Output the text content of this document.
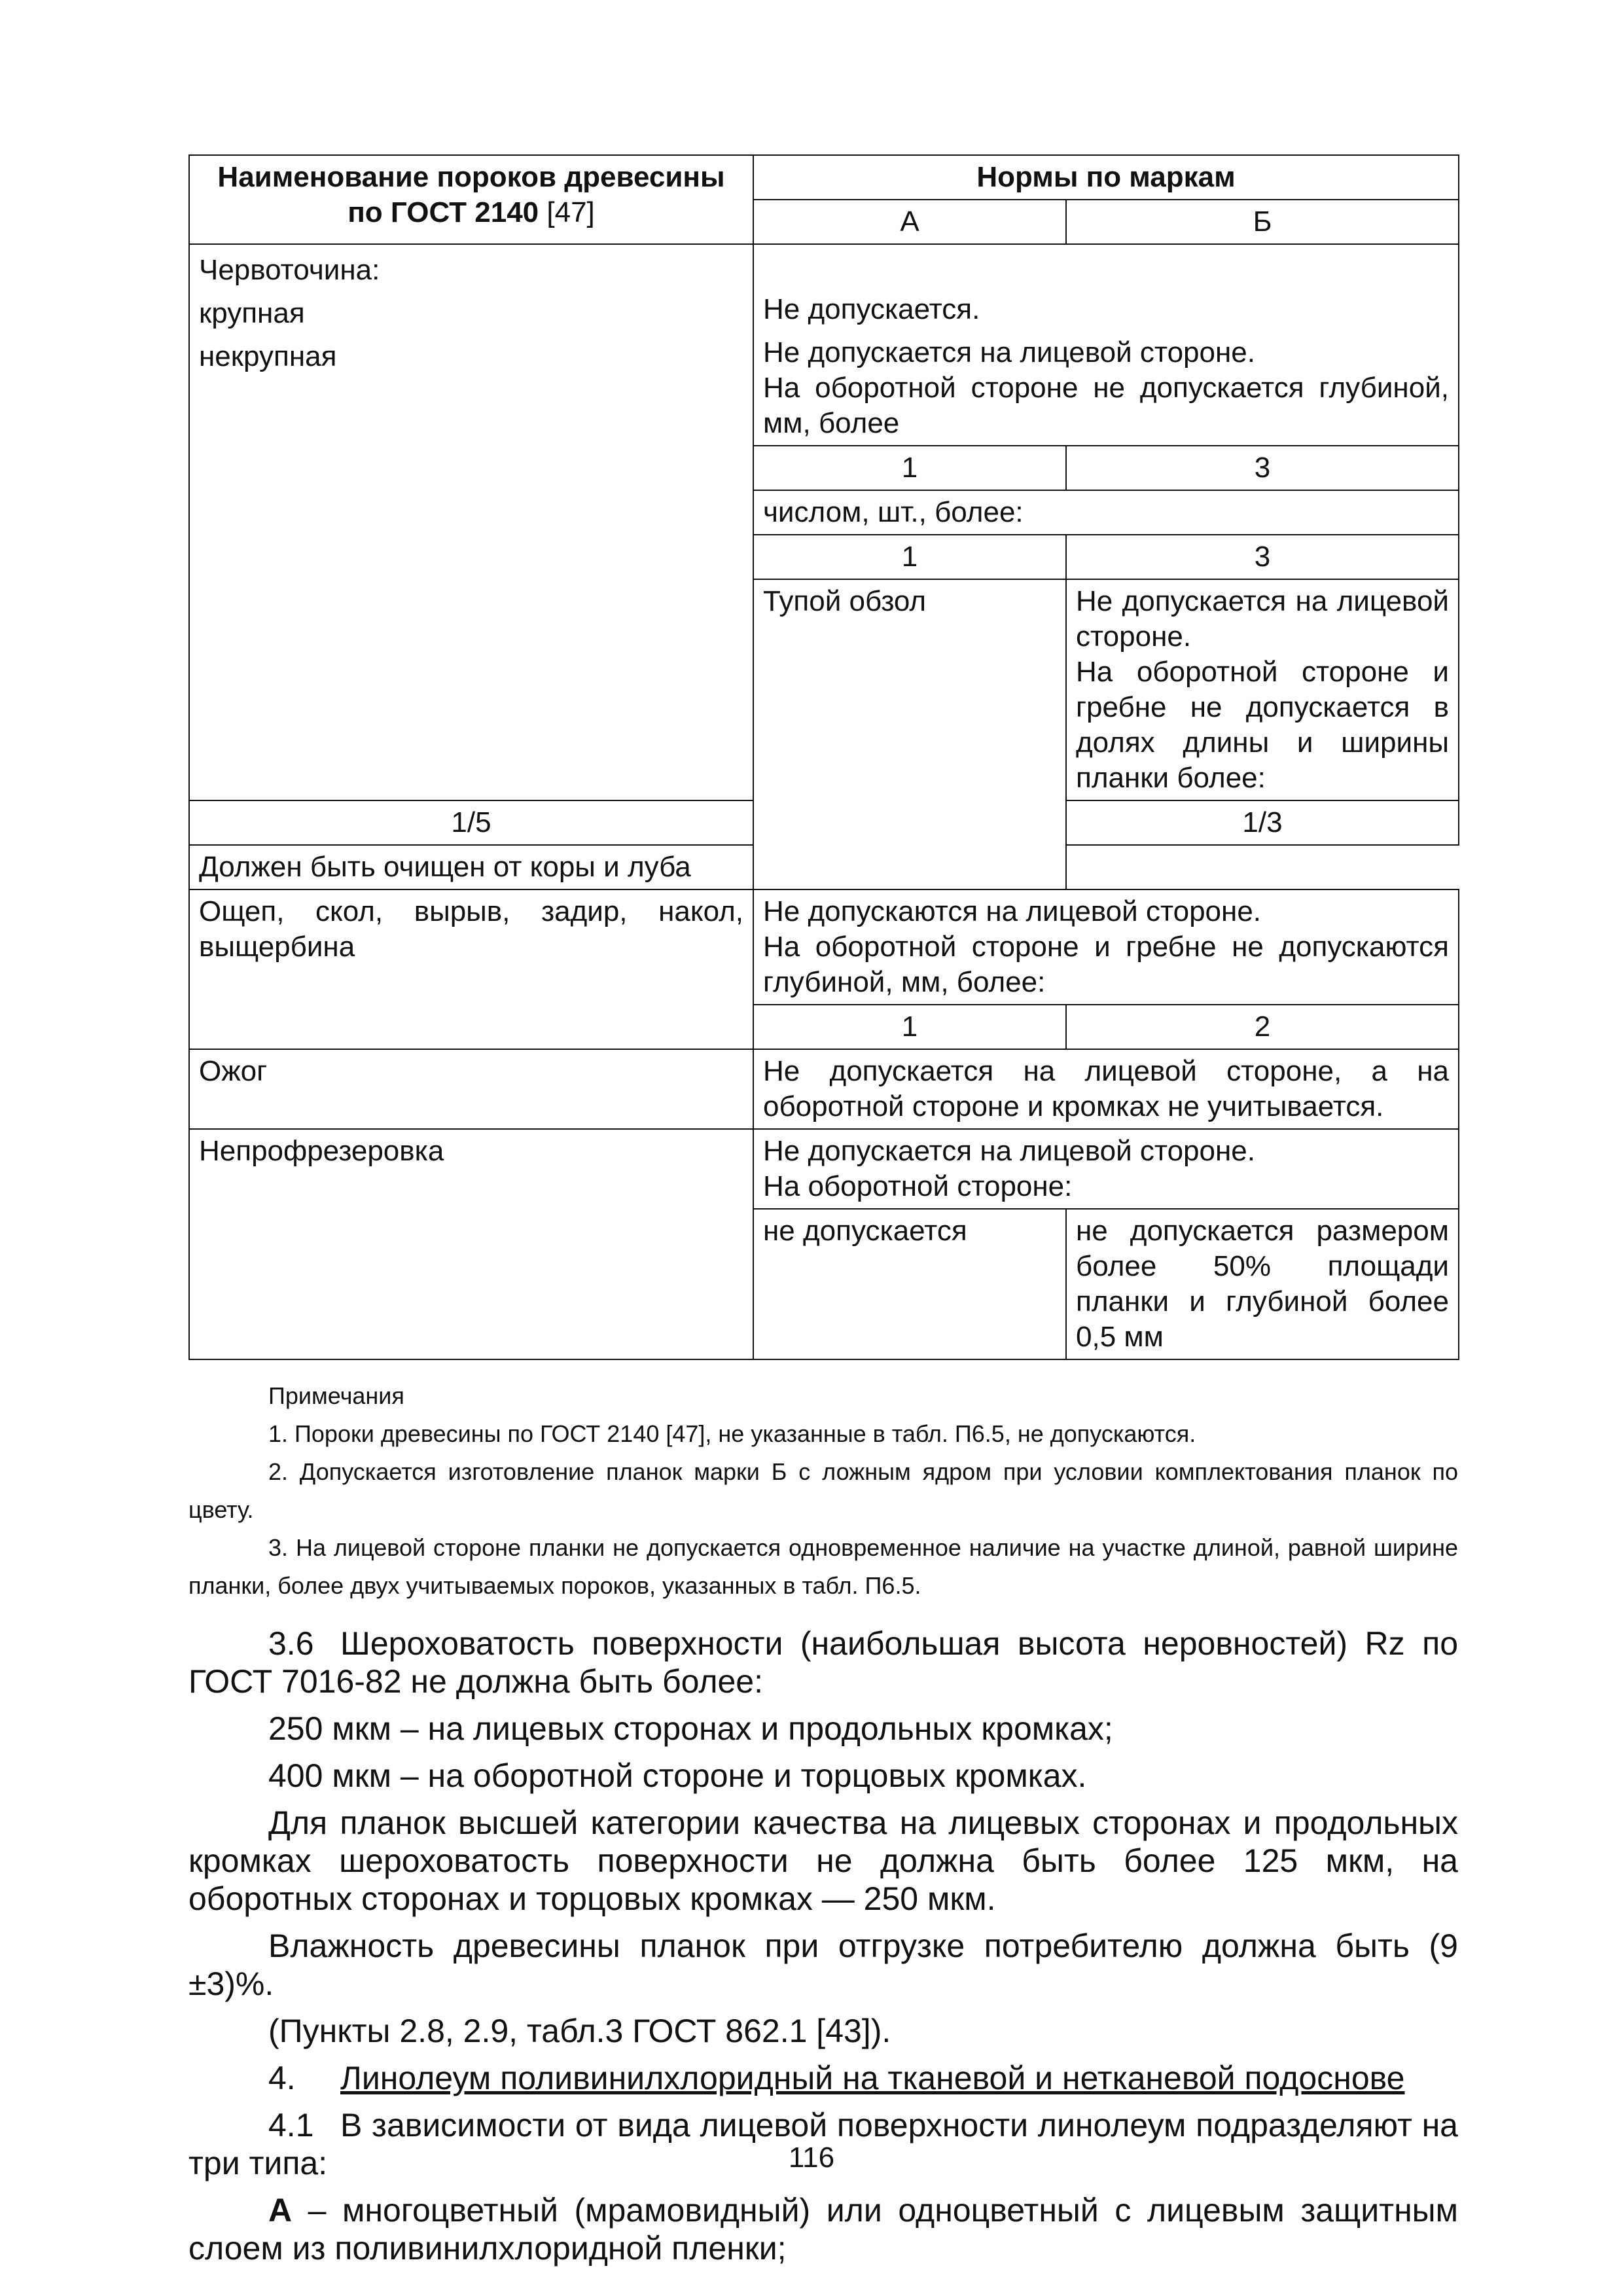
Наименование пороков древесины по ГОСТ 2140 [47]	Нормы по маркам	
	А	Б

Червоточина:
крупная
некрупная	Не допускается.
Не допускается на лицевой стороне.
На оборотной стороне не допускается глубиной, мм, более	

	1	3
	числом, шт., более:	
	1	3
	Тупой обзол	Не допускается на лицевой стороне.
На оборотной стороне и гребне не допускается в долях длины и ширины планки более:

1/5		1/3
Должен быть очищен от коры и луба		
Ощеп, скол, вырыв, задир, накол, выщербина	Не допускаются на лицевой стороне.
На оборотной стороне и гребне не допускаются глубиной, мм, более:	

	1	2
Ожог	Не допускается на лицевой стороне, а на оборотной стороне и кромках не учитывается.	
Непрофрезеровка	Не допускается на лицевой стороне.
На оборотной стороне:	

	не допускается	не допускается размером более 50% площади планки и глубиной более 0,5 мм
Примечания

1. Пороки древесины по ГОСТ 2140 [47], не указанные в табл. П6.5, не допускаются.

2. Допускается изготовление планок марки Б с ложным ядром при условии комплектования планок по цвету.

3. На лицевой стороне планки не допускается одновременное наличие на участке длиной, равной ширине планки, более двух учитываемых пороков, указанных в табл. П6.5.

3.6 Шероховатость поверхности (наибольшая высота неровностей) Rz по ГОСТ 7016-82 не должна быть более:

250 мкм – на лицевых сторонах и продольных кромках;

400 мкм – на оборотной стороне и торцовых кромках.

Для планок высшей категории качества на лицевых сторонах и продольных кромках шероховатость поверхности не должна быть более 125 мкм, на оборотных сторонах и торцовых кромках — 250 мкм.

Влажность древесины планок при отгрузке потребителю должна быть (9 ±3)%.

(Пункты 2.8, 2.9, табл.3 ГОСТ 862.1 [43]).

4. Линолеум поливинилхлоридный на тканевой и нетканевой подоснове

4.1 В зависимости от вида лицевой поверхности линолеум подразделяют на три типа:

А – многоцветный (мрамовидный) или одноцветный с лицевым защитным слоем из поливинилхлоридной пленки;

116
